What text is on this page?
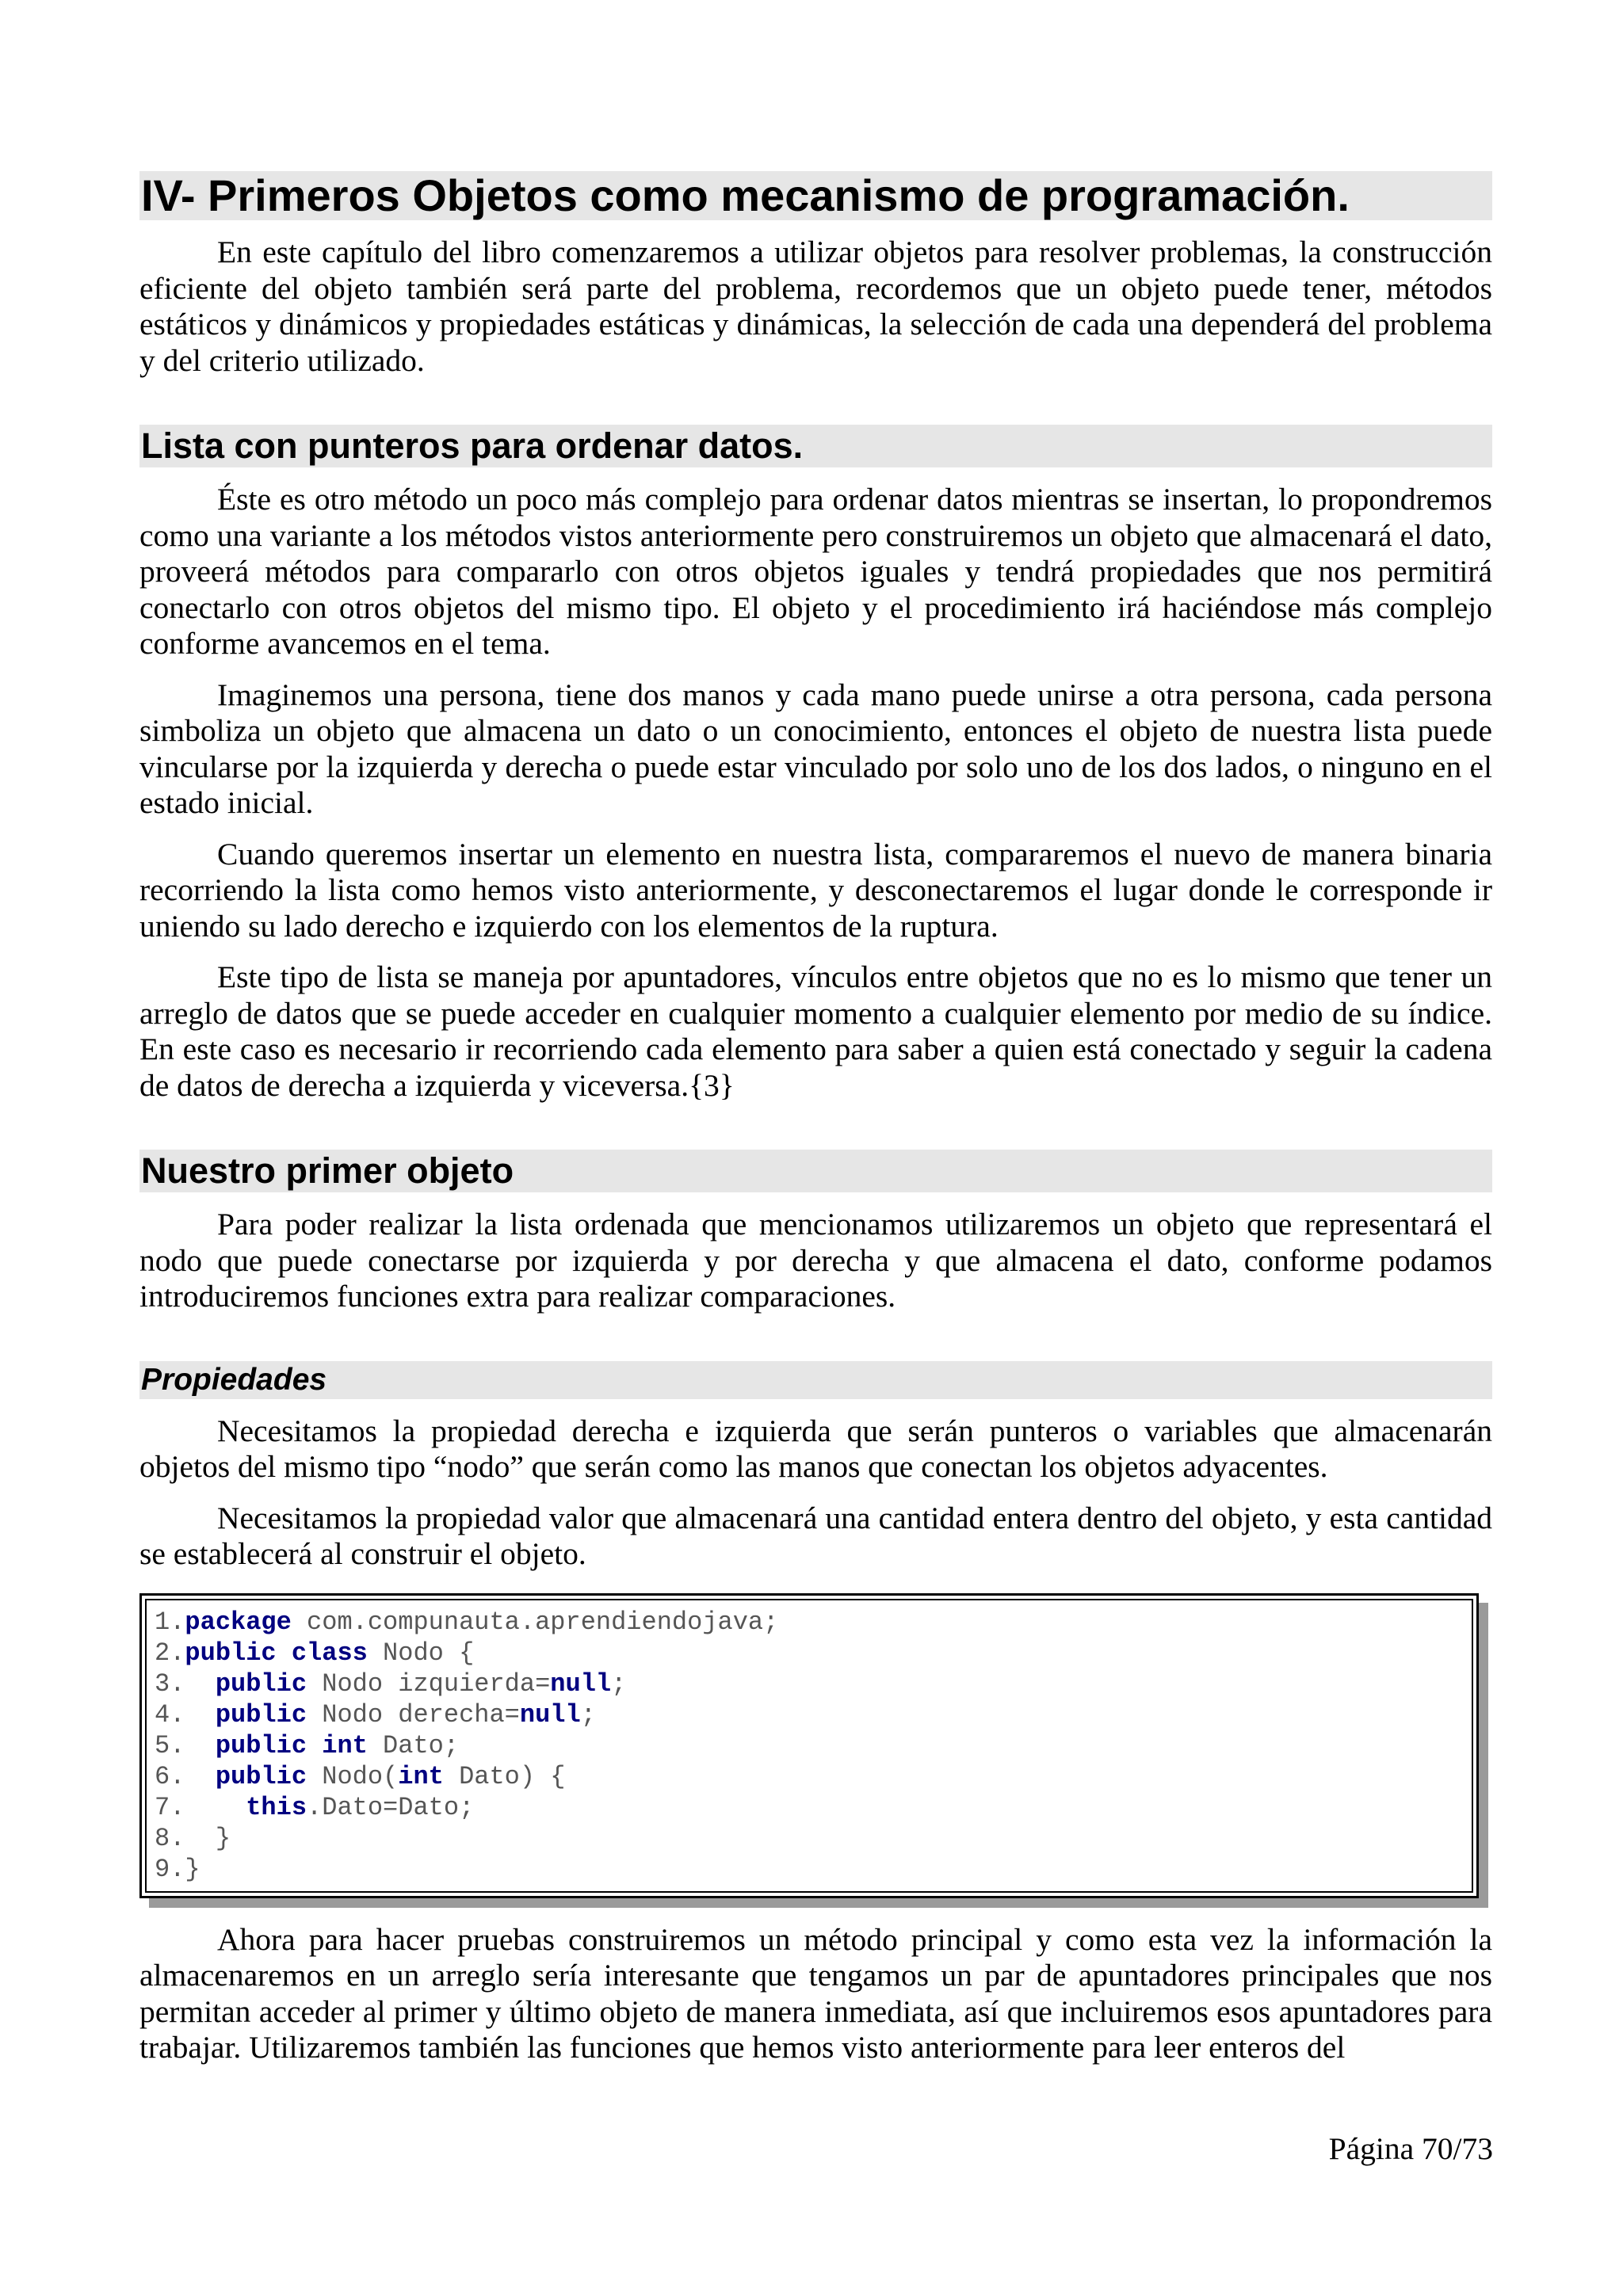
IV- Primeros Objetos como mecanismo de programación.

En este capítulo del libro comenzaremos a utilizar objetos para resolver problemas, la construcción eficiente del objeto también será parte del problema, recordemos que un objeto puede tener, métodos estáticos y dinámicos y propiedades estáticas y dinámicas, la selección de cada una dependerá del problema y del criterio utilizado.

Lista con punteros para ordenar datos.

Éste es otro método un poco más complejo para ordenar datos mientras se insertan, lo propondremos como una variante a los métodos vistos anteriormente pero construiremos un objeto que almacenará el dato, proveerá métodos para compararlo con otros objetos iguales y tendrá propiedades que nos permitirá conectarlo con otros objetos del mismo tipo. El objeto y el procedimiento irá haciéndose más complejo conforme avancemos en el tema.

Imaginemos una persona, tiene dos manos y cada mano puede unirse a otra persona, cada persona simboliza un objeto que almacena un dato o un conocimiento, entonces el objeto de nuestra lista puede vincularse por la izquierda y derecha o puede estar vinculado por solo uno de los dos lados, o ninguno en el estado inicial.

Cuando queremos insertar un elemento en nuestra lista, compararemos el nuevo de manera binaria recorriendo la lista como hemos visto anteriormente, y desconectaremos el lugar donde le corresponde ir uniendo su lado derecho e izquierdo con los elementos de la ruptura.

Este tipo de lista se maneja por apuntadores, vínculos entre objetos que no es lo mismo que tener un arreglo de datos que se puede acceder en cualquier momento a cualquier elemento por medio de su índice. En este caso es necesario ir recorriendo cada elemento para saber a quien está conectado y seguir la cadena de datos de derecha a izquierda y viceversa.{3}

Nuestro primer objeto

Para poder realizar la lista ordenada que mencionamos utilizaremos un objeto que representará el nodo que puede conectarse por izquierda y por derecha y que almacena el dato, conforme podamos introduciremos funciones extra para realizar comparaciones.

Propiedades

Necesitamos la propiedad derecha e izquierda que serán punteros o variables que almacenarán objetos del mismo tipo “nodo” que serán como las manos que conectan los objetos adyacentes.

Necesitamos la propiedad valor que almacenará una cantidad entera dentro del objeto, y esta cantidad se establecerá al construir el objeto.

1.package com.compunauta.aprendiendojava;
2.public class Nodo {
3.  public Nodo izquierda=null;
4.  public Nodo derecha=null;
5.  public int Dato;
6.  public Nodo(int Dato) {
7.    this.Dato=Dato;
8.  }
9.}

Ahora para hacer pruebas construiremos un método principal y como esta vez la información la almacenaremos en un arreglo sería interesante que tengamos un par de apuntadores principales que nos permitan acceder al primer y último objeto de manera inmediata, así que incluiremos esos apuntadores para trabajar. Utilizaremos también las funciones que hemos visto anteriormente para leer enteros del

Página 70/73
